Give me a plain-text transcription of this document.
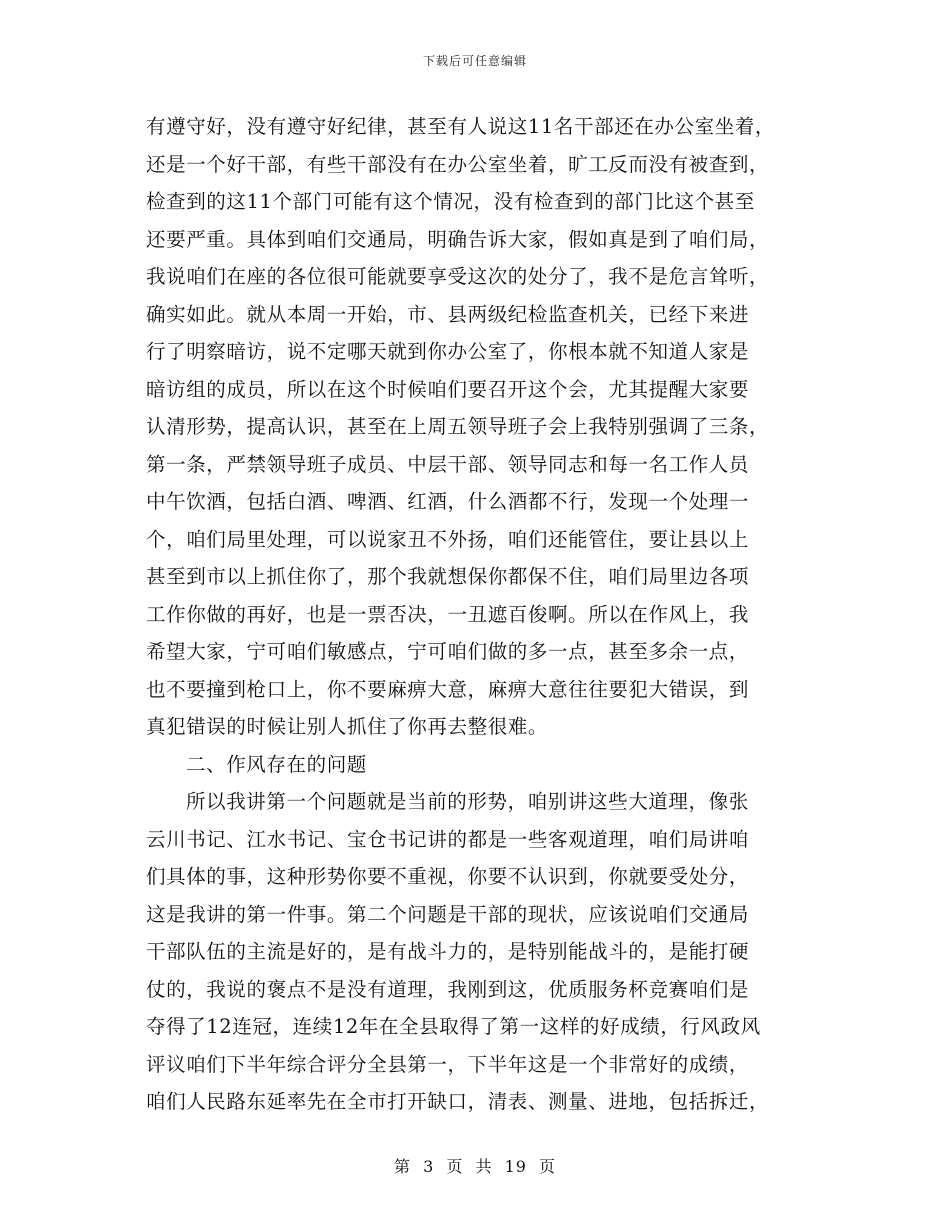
下载后可任意编辑
有遵守好，没有遵守好纪律，甚至有人说这11名干部还在办公室坐着，
还是一个好干部，有些干部没有在办公室坐着，旷工反而没有被查到，
检查到的这11个部门可能有这个情况，没有检查到的部门比这个甚至
还要严重。具体到咱们交通局，明确告诉大家，假如真是到了咱们局，
我说咱们在座的各位很可能就要享受这次的处分了，我不是危言耸听，
确实如此。就从本周一开始，市、县两级纪检监查机关，已经下来进
行了明察暗访，说不定哪天就到你办公室了，你根本就不知道人家是
暗访组的成员，所以在这个时候咱们要召开这个会，尤其提醒大家要
认清形势，提高认识，甚至在上周五领导班子会上我特别强调了三条，
第一条，严禁领导班子成员、中层干部、领导同志和每一名工作人员
中午饮酒，包括白酒、啤酒、红酒，什么酒都不行，发现一个处理一
个，咱们局里处理，可以说家丑不外扬，咱们还能管住，要让县以上
甚至到市以上抓住你了，那个我就想保你都保不住，咱们局里边各项
工作你做的再好，也是一票否决，一丑遮百俊啊。所以在作风上，我
希望大家，宁可咱们敏感点，宁可咱们做的多一点，甚至多余一点，
也不要撞到枪口上，你不要麻痹大意，麻痹大意往往要犯大错误，到
真犯错误的时候让别人抓住了你再去整很难。
二、作风存在的问题
所以我讲第一个问题就是当前的形势，咱别讲这些大道理，像张
云川书记、江水书记、宝仓书记讲的都是一些客观道理，咱们局讲咱
们具体的事，这种形势你要不重视，你要不认识到，你就要受处分，
这是我讲的第一件事。第二个问题是干部的现状，应该说咱们交通局
干部队伍的主流是好的，是有战斗力的，是特别能战斗的，是能打硬
仗的，我说的褒点不是没有道理，我刚到这，优质服务杯竞赛咱们是
夺得了12连冠，连续12年在全县取得了第一这样的好成绩，行风政风
评议咱们下半年综合评分全县第一，下半年这是一个非常好的成绩，
咱们人民路东延率先在全市打开缺口，清表、测量、进地，包括拆迁，
第 3 页 共 19 页
